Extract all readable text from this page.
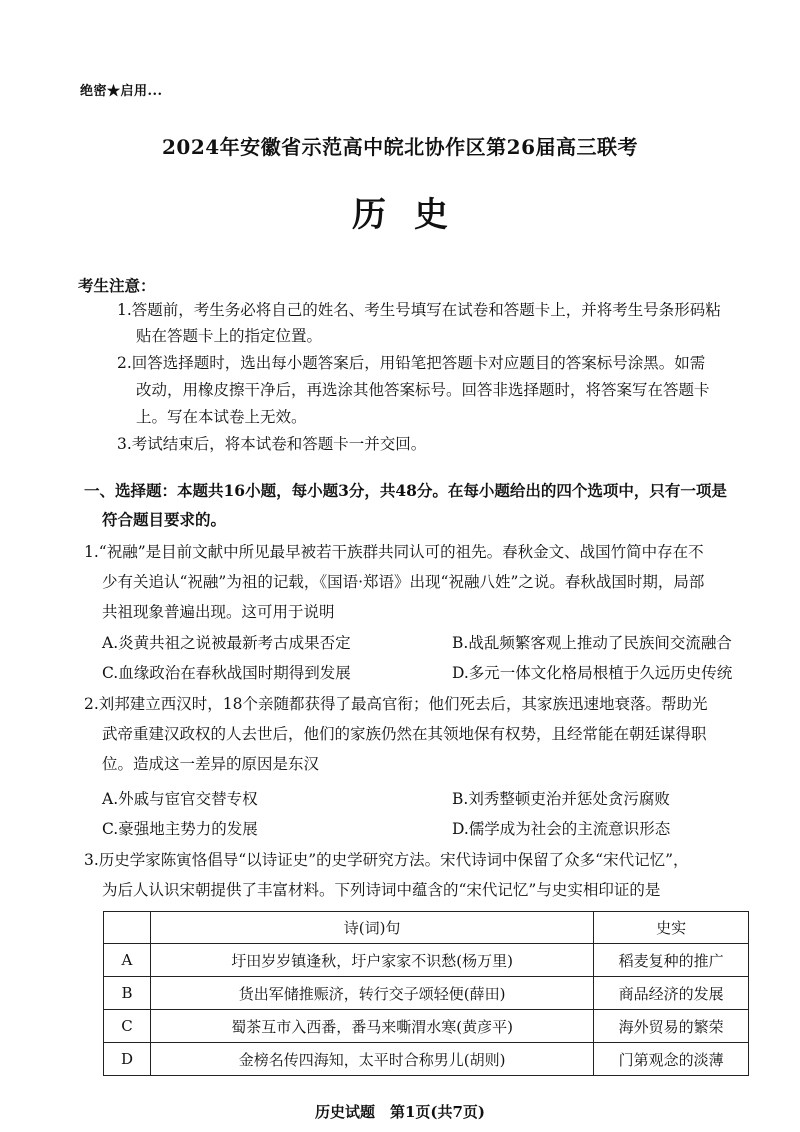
绝密★启用...
2024年安徽省示范高中皖北协作区第26届高三联考
历史
考生注意：
1.答题前，考生务必将自己的姓名、考生号填写在试卷和答题卡上，并将考生号条形码粘
贴在答题卡上的指定位置。
2.回答选择题时，选出每小题答案后，用铅笔把答题卡对应题目的答案标号涂黑。如需
改动，用橡皮擦干净后，再选涂其他答案标号。回答非选择题时，将答案写在答题卡
上。写在本试卷上无效。
3.考试结束后，将本试卷和答题卡一并交回。
一、选择题：本题共16小题，每小题3分，共48分。在每小题给出的四个选项中，只有一项是
符合题目要求的。
1.“祝融”是目前文献中所见最早被若干族群共同认可的祖先。春秋金文、战国竹简中存在不
少有关追认“祝融”为祖的记载，《国语·郑语》出现“祝融八姓”之说。春秋战国时期，局部
共祖现象普遍出现。这可用于说明
A.炎黄共祖之说被最新考古成果否定	B.战乱频繁客观上推动了民族间交流融合
C.血缘政治在春秋战国时期得到发展	D.多元一体文化格局根植于久远历史传统
2.刘邦建立西汉时，18个亲随都获得了最高官衔；他们死去后，其家族迅速地衰落。帮助光
武帝重建汉政权的人去世后，他们的家族仍然在其领地保有权势，且经常能在朝廷谋得职
位。造成这一差异的原因是东汉
A.外戚与宦官交替专权	B.刘秀整顿吏治并惩处贪污腐败
C.豪强地主势力的发展	D.儒学成为社会的主流意识形态
3.历史学家陈寅恪倡导“以诗证史”的史学研究方法。宋代诗词中保留了众多“宋代记忆”，
为后人认识宋朝提供了丰富材料。下列诗词中蕴含的“宋代记忆”与史实相印证的是
	诗(词)句	史实
A	圩田岁岁镇逢秋，圩户家家不识愁(杨万里)	稻麦复种的推广
B	货出军储推赈济，转行交子颂轻便(薛田)	商品经济的发展
C	蜀茶互市入西番，番马来嘶渭水寒(黄彦平)	海外贸易的繁荣
D	金榜名传四海知，太平时合称男儿(胡则)	门第观念的淡薄
历史试题　第1页(共7页)
